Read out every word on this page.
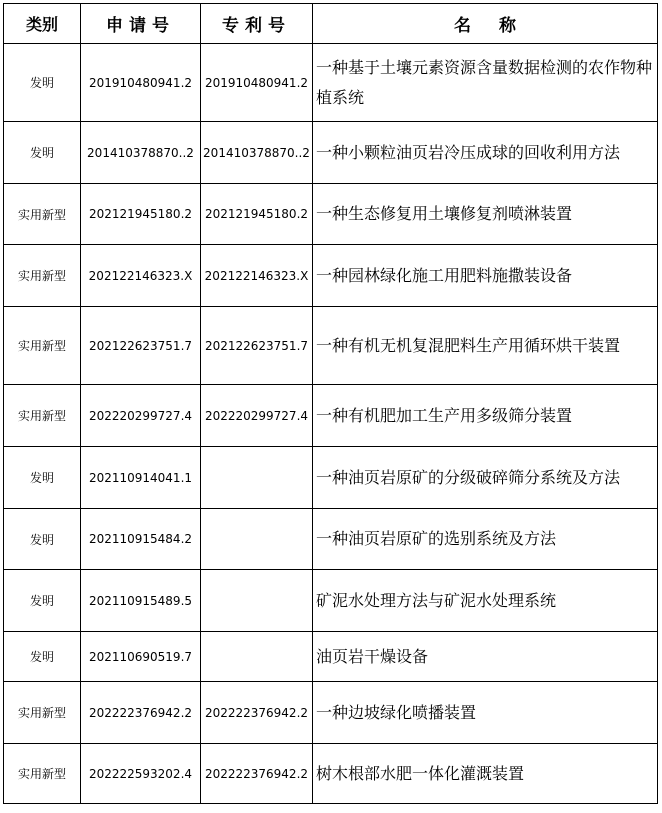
类别	申请号	专利号	名称
发明	201910480941.2	201910480941.2	一种基于土壤元素资源含量数据检测的农作物种植系统
发明	201410378870..2	201410378870..2	一种小颗粒油页岩冷压成球的回收利用方法
实用新型	202121945180.2	202121945180.2	一种生态修复用土壤修复剂喷淋装置
实用新型	202122146323.X	202122146323.X	一种园林绿化施工用肥料施撒装设备
实用新型	202122623751.7	202122623751.7	一种有机无机复混肥料生产用循环烘干装置
实用新型	202220299727.4	202220299727.4	一种有机肥加工生产用多级筛分装置
发明	202110914041.1		一种油页岩原矿的分级破碎筛分系统及方法
发明	202110915484.2		一种油页岩原矿的选别系统及方法
发明	202110915489.5		矿泥水处理方法与矿泥水处理系统
发明	202110690519.7		油页岩干燥设备
实用新型	202222376942.2	202222376942.2	一种边坡绿化喷播装置
实用新型	202222593202.4	202222376942.2	树木根部水肥一体化灌溉装置
